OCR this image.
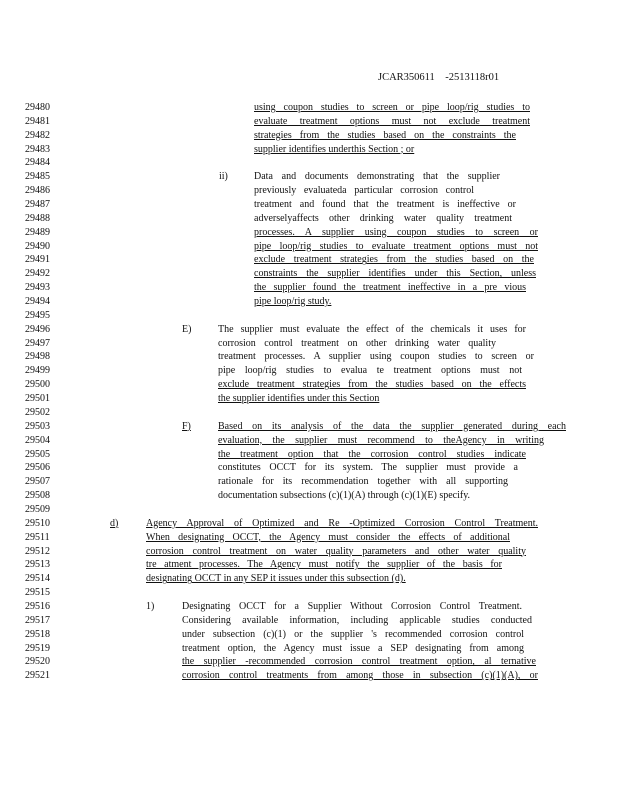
JCAR350611 -2513118r01
29480	using coupon studies to screen or pipe loop/rig studies to
29481	evaluate treatment options must not exclude treatment
29482	strategies from the studies based on the constraints the
29483	supplier identifies underthis Section ; or
29484
29485	ii)	Data and documents demonstrating that the supplier
29486	previously evaluateda particular corrosion control
29487	treatment and found that the treatment is ineffective or
29488	adverselyaffects other drinking water quality treatment
29489	processes. A supplier using coupon studies to screen or
29490	pipe loop/rig studies to evaluate treatment options must not
29491	exclude treatment strategies from the studies based on the
29492	constraints the supplier identifies under this Section, unless
29493	the supplier found the treatment ineffective in a pre vious
29494	pipe loop/rig study.
29495
29496	E)	The supplier must evaluate the effect of the chemicals it uses for
29497	corrosion control treatment on other drinking water quality
29498	treatment processes. A supplier using coupon studies to screen or
29499	pipe loop/rig studies to evalua te treatment options must not
29500	exclude treatment strategies from the studies based on the effects
29501	the supplier identifies under this Section
29502
29503	F)	Based on its analysis of the data the supplier generated during each
29504	evaluation, the supplier must recommend to theAgency in writing
29505	the treatment option that the corrosion control studies indicate
29506	constitutes OCCT for its system. The supplier must provide a
29507	rationale for its recommendation together with all supporting
29508	documentation subsections (c)(1)(A) through (c)(1)(E) specify.
29509
29510	d)	Agency Approval of Optimized and Re -Optimized Corrosion Control Treatment.
29511	When designating OCCT, the Agency must consider the effects of additional
29512	corrosion control treatment on water quality parameters and other water quality
29513	tre atment processes. The Agency must notify the supplier of the basis for
29514	designating OCCT in any SEP it issues under this subsection (d).
29515
29516	1)	Designating OCCT for a Supplier Without Corrosion Control Treatment.
29517	Considering available information, including applicable studies conducted
29518	under subsection (c)(1) or the supplier 's recommended corrosion control
29519	treatment option, the Agency must issue a SEP designating from among
29520	the supplier -recommended corrosion control treatment option, al ternative
29521	corrosion control treatments from among those in subsection (c)(1)(A), or
